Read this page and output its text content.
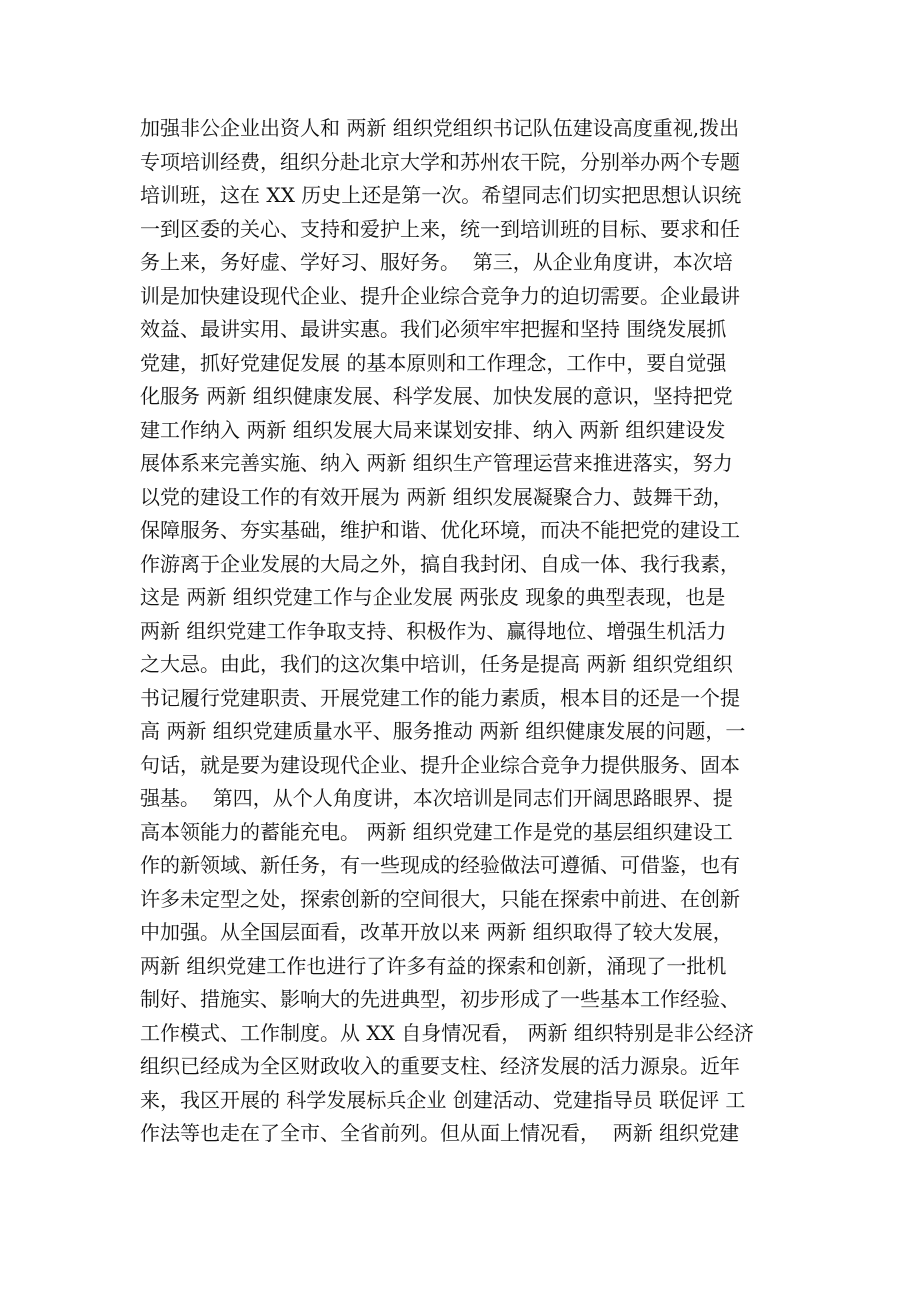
加强非公企业出资人和 两新 组织党组织书记队伍建设高度重视,拨出
专项培训经费，组织分赴北京大学和苏州农干院，分别举办两个专题
培训班，这在 XX 历史上还是第一次。希望同志们切实把思想认识统
一到区委的关心、支持和爱护上来，统一到培训班的目标、要求和任
务上来，务好虚、学好习、服好务。  第三，从企业角度讲，本次培
训是加快建设现代企业、提升企业综合竞争力的迫切需要。企业最讲
效益、最讲实用、最讲实惠。我们必须牢牢把握和坚持 围绕发展抓
党建，抓好党建促发展 的基本原则和工作理念，工作中，要自觉强
化服务 两新 组织健康发展、科学发展、加快发展的意识，坚持把党
建工作纳入 两新 组织发展大局来谋划安排、纳入 两新 组织建设发
展体系来完善实施、纳入 两新 组织生产管理运营来推进落实，努力
以党的建设工作的有效开展为 两新 组织发展凝聚合力、鼓舞干劲，
保障服务、夯实基础，维护和谐、优化环境，而决不能把党的建设工
作游离于企业发展的大局之外，搞自我封闭、自成一体、我行我素，
这是 两新 组织党建工作与企业发展 两张皮 现象的典型表现，也是
两新 组织党建工作争取支持、积极作为、赢得地位、增强生机活力
之大忌。由此，我们的这次集中培训，任务是提高 两新 组织党组织
书记履行党建职责、开展党建工作的能力素质，根本目的还是一个提
高 两新 组织党建质量水平、服务推动 两新 组织健康发展的问题，一
句话，就是要为建设现代企业、提升企业综合竞争力提供服务、固本
强基。  第四，从个人角度讲，本次培训是同志们开阔思路眼界、提
高本领能力的蓄能充电。 两新 组织党建工作是党的基层组织建设工
作的新领域、新任务，有一些现成的经验做法可遵循、可借鉴，也有
许多未定型之处，探索创新的空间很大，只能在探索中前进、在创新
中加强。从全国层面看，改革开放以来 两新 组织取得了较大发展，
两新 组织党建工作也进行了许多有益的探索和创新，涌现了一批机
制好、措施实、影响大的先进典型，初步形成了一些基本工作经验、
工作模式、工作制度。从 XX 自身情况看， 两新 组织特别是非公经济
组织已经成为全区财政收入的重要支柱、经济发展的活力源泉。近年
来，我区开展的 科学发展标兵企业 创建活动、党建指导员 联促评 工
作法等也走在了全市、全省前列。但从面上情况看，  两新 组织党建
